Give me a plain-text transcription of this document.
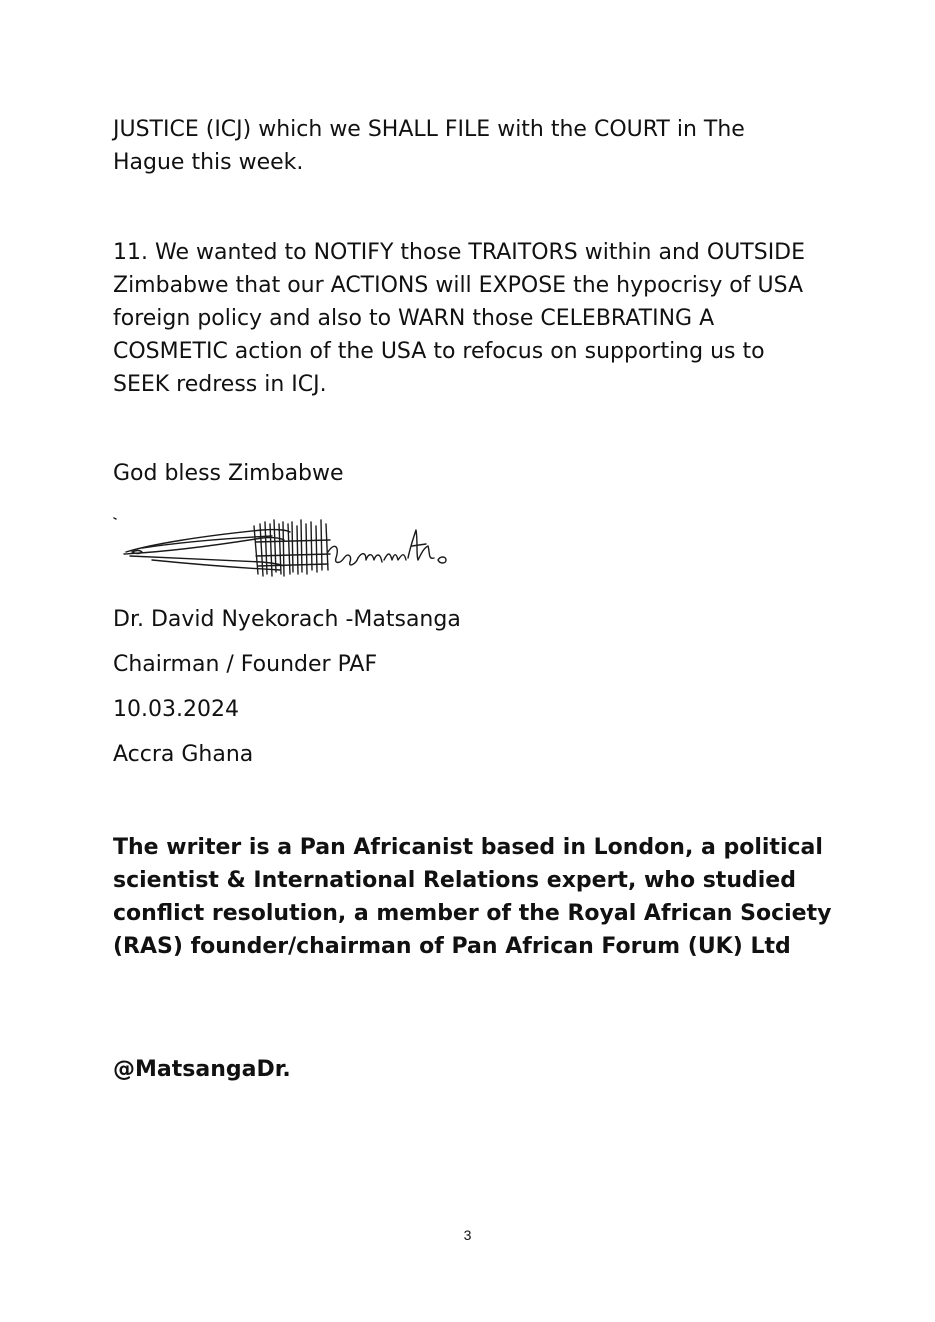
JUSTICE (ICJ) which we SHALL FILE with the COURT in The Hague this week.

11. We wanted to NOTIFY those TRAITORS within and OUTSIDE Zimbabwe that our ACTIONS will EXPOSE the hypocrisy of USA foreign policy and also to WARN those CELEBRATING A COSMETIC action of the USA to refocus on supporting us to SEEK redress in ICJ.

God bless Zimbabwe

Dr. David Nyekorach -Matsanga

Chairman / Founder PAF

10.03.2024

Accra Ghana

The writer is a Pan Africanist based in London, a political scientist & International Relations expert, who studied conflict resolution, a member of the Royal African Society (RAS) founder/chairman of Pan African Forum (UK) Ltd

@MatsangaDr.

3
